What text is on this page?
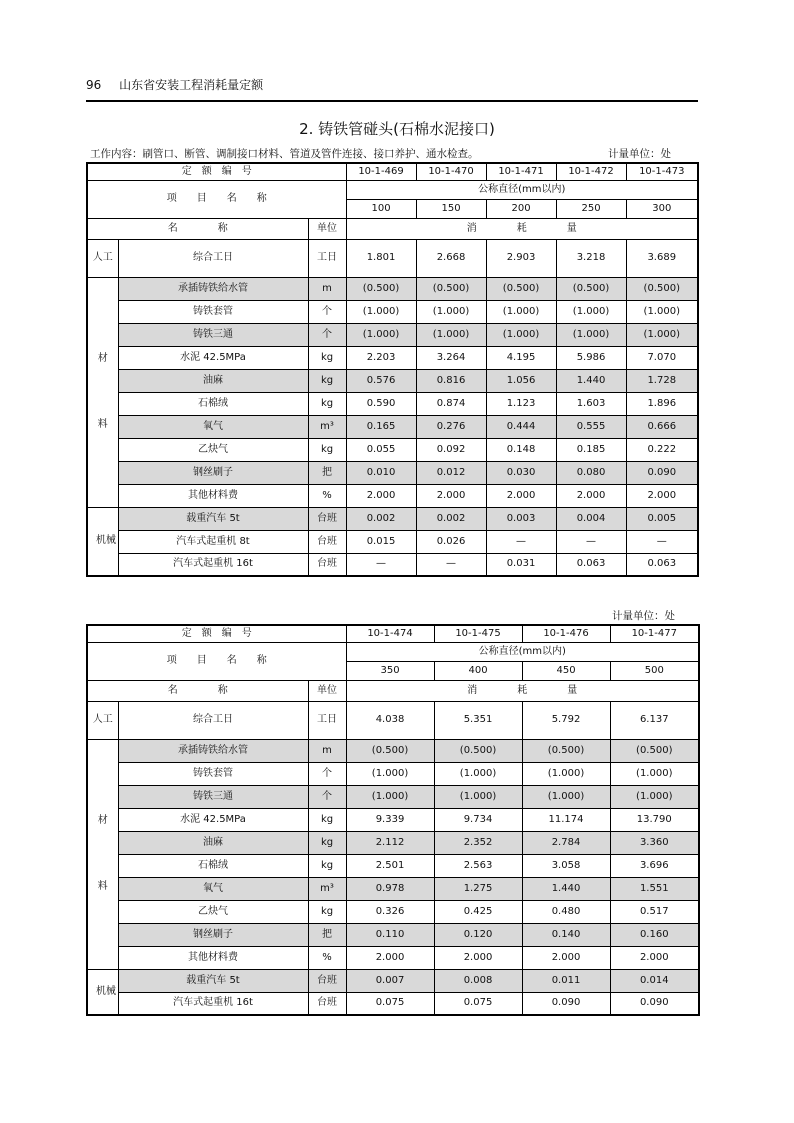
96 山东省安装工程消耗量定额
2. 铸铁管碰头(石棉水泥接口)
工作内容：刷管口、断管、调制接口材料、管道及管件连接、接口养护、通水检查。	计量单位：处
定　额　编　号			10-1-469	10-1-470	10-1-471	10-1-472	10-1-473
项　　目　　名　　称			公称直径(mm以内)				
			100	150	200	250	300
名　　　　称		单位	消　　　　耗　　　　量				
人工	综合工日	工日	1.801	2.668	2.903	3.218	3.689

材
料	承插铸铁给水管	m	(0.500)	(0.500)	(0.500)	(0.500)	(0.500)
	铸铁套管	个	(1.000)	(1.000)	(1.000)	(1.000)	(1.000)
	铸铁三通	个	(1.000)	(1.000)	(1.000)	(1.000)	(1.000)
	水泥 42.5MPa	kg	2.203	3.264	4.195	5.986	7.070
	油麻	kg	0.576	0.816	1.056	1.440	1.728
	石棉绒	kg	0.590	0.874	1.123	1.603	1.896
	氧气	m³	0.165	0.276	0.444	0.555	0.666
	乙炔气	kg	0.055	0.092	0.148	0.185	0.222
	钢丝刷子	把	0.010	0.012	0.030	0.080	0.090
	其他材料费	%	2.000	2.000	2.000	2.000	2.000
机械	载重汽车 5t	台班	0.002	0.002	0.003	0.004	0.005
	汽车式起重机 8t	台班	0.015	0.026	—	—	—
	汽车式起重机 16t	台班	—	—	0.031	0.063	0.063
计量单位：处
定　额　编　号			10-1-474	10-1-475	10-1-476	10-1-477
项　　目　　名　　称			公称直径(mm以内)			
			350	400	450	500
名　　　　称		单位	消　　　　耗　　　　量			
人工	综合工日	工日	4.038	5.351	5.792	6.137

材
料	承插铸铁给水管	m	(0.500)	(0.500)	(0.500)	(0.500)
	铸铁套管	个	(1.000)	(1.000)	(1.000)	(1.000)
	铸铁三通	个	(1.000)	(1.000)	(1.000)	(1.000)
	水泥 42.5MPa	kg	9.339	9.734	11.174	13.790
	油麻	kg	2.112	2.352	2.784	3.360
	石棉绒	kg	2.501	2.563	3.058	3.696
	氧气	m³	0.978	1.275	1.440	1.551
	乙炔气	kg	0.326	0.425	0.480	0.517
	钢丝刷子	把	0.110	0.120	0.140	0.160
	其他材料费	%	2.000	2.000	2.000	2.000
机械	载重汽车 5t	台班	0.007	0.008	0.011	0.014
	汽车式起重机 16t	台班	0.075	0.075	0.090	0.090
